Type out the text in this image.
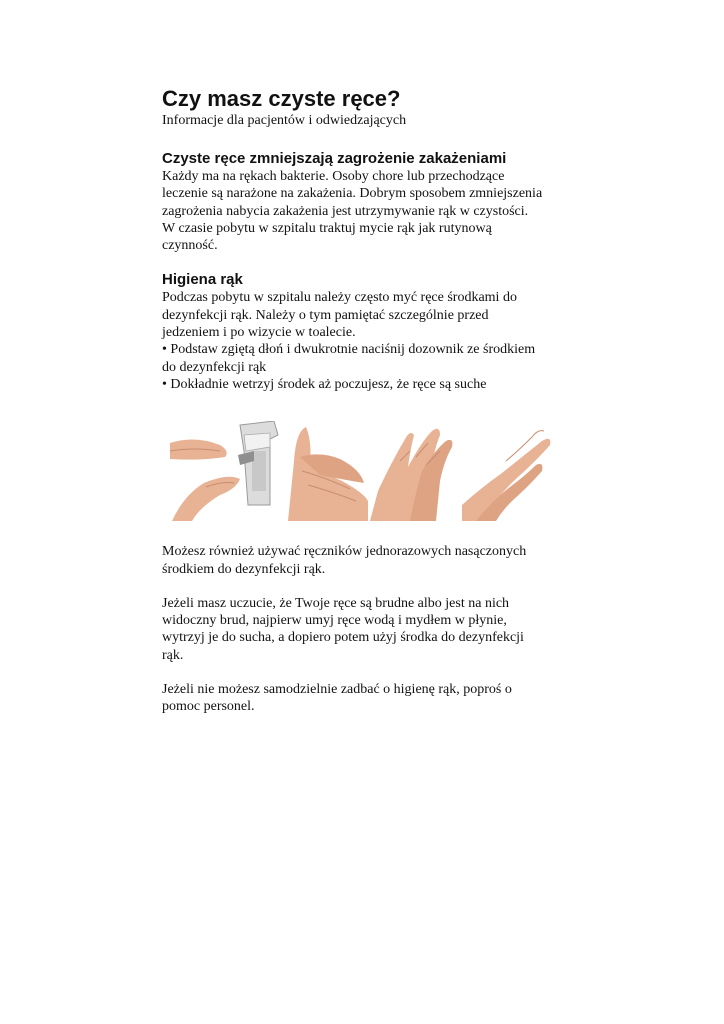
Czy masz czyste ręce?
Informacje dla pacjentów i odwiedzających
Czyste ręce zmniejszają zagrożenie zakażeniami

Każdy ma na rękach bakterie. Osoby chore lub przechodzące

leczenie są narażone na zakażenia. Dobrym sposobem zmniejszenia

zagrożenia nabycia zakażenia jest utrzymywanie rąk w czystości.

W czasie pobytu w szpitalu traktuj mycie rąk jak rutynową

czynność.

Higiena rąk

Podczas pobytu w szpitalu należy często myć ręce środkami do

dezynfekcji rąk. Należy o tym pamiętać szczególnie przed

jedzeniem i po wizycie w toalecie.

• Podstaw zgiętą dłoń i dwukrotnie naciśnij dozownik ze środkiem

do dezynfekcji rąk

• Dokładnie wetrzyj środek aż poczujesz, że ręce są suche

Możesz również używać ręczników jednorazowych nasączonych

środkiem do dezynfekcji rąk.

Jeżeli masz uczucie, że Twoje ręce są brudne albo jest na nich

widoczny brud, najpierw umyj ręce wodą i mydłem w płynie,

wytrzyj je do sucha, a dopiero potem użyj środka do dezynfekcji

rąk.

Jeżeli nie możesz samodzielnie zadbać o higienę rąk, poproś o

pomoc personel.
